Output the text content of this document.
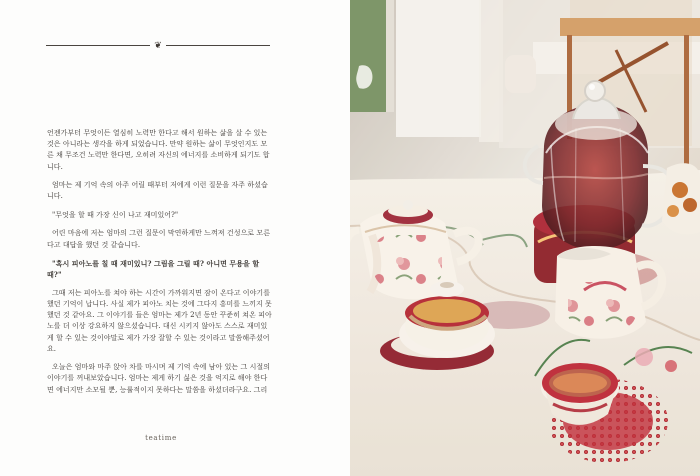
❦

언젠가부터 무엇이든 열심히 노력만 한다고 해서 원하는 삶을 살 수 있는 것은 아니라는 생각을 하게 되었습니다. 만약 원하는 삶이 무엇인지도 모른 채 무조건 노력만 한다면, 오히려 자신의 에너지를 소비하게 되기도 합니다.

엄마는 제 기억 속의 아주 어릴 때부터 저에게 이런 질문을 자주 하셨습니다.

"무엇을 할 때 가장 신이 나고 재미있어?"

어린 마음에 저는 엄마의 그런 질문이 막연하게만 느껴져 건성으로 모른다고 대답을 했던 것 같습니다.

"혹시 피아노를 칠 때 재미있니? 그림을 그릴 때? 아니면 무용을 할 때?"

그때 저는 피아노를 쳐야 하는 시간이 가까워지면 잠이 온다고 이야기를 했던 기억이 납니다. 사실 제가 피아노 치는 것에 그다지 흥미를 느끼지 못했던 것 같아요. 그 이야기를 들은 엄마는 제가 2년 동안 꾸준히 쳐온 피아노를 더 이상 강요하지 않으셨습니다. 대신 시키지 않아도 스스로 재미있게 할 수 있는 것이야말로 제가 가장 잘할 수 있는 것이라고 말씀해주셨어요.

오늘은 엄마와 마주 앉아 차를 마시며 제 기억 속에 남아 있는 그 시절의 이야기를 꺼내보았습니다. 엄마는 제게 하기 싫은 것을 억지로 해야 한다면 에너지만 소모될 뿐, 능률적이지 못하다는 말씀을 하셨더라구요. 그리

teatime
